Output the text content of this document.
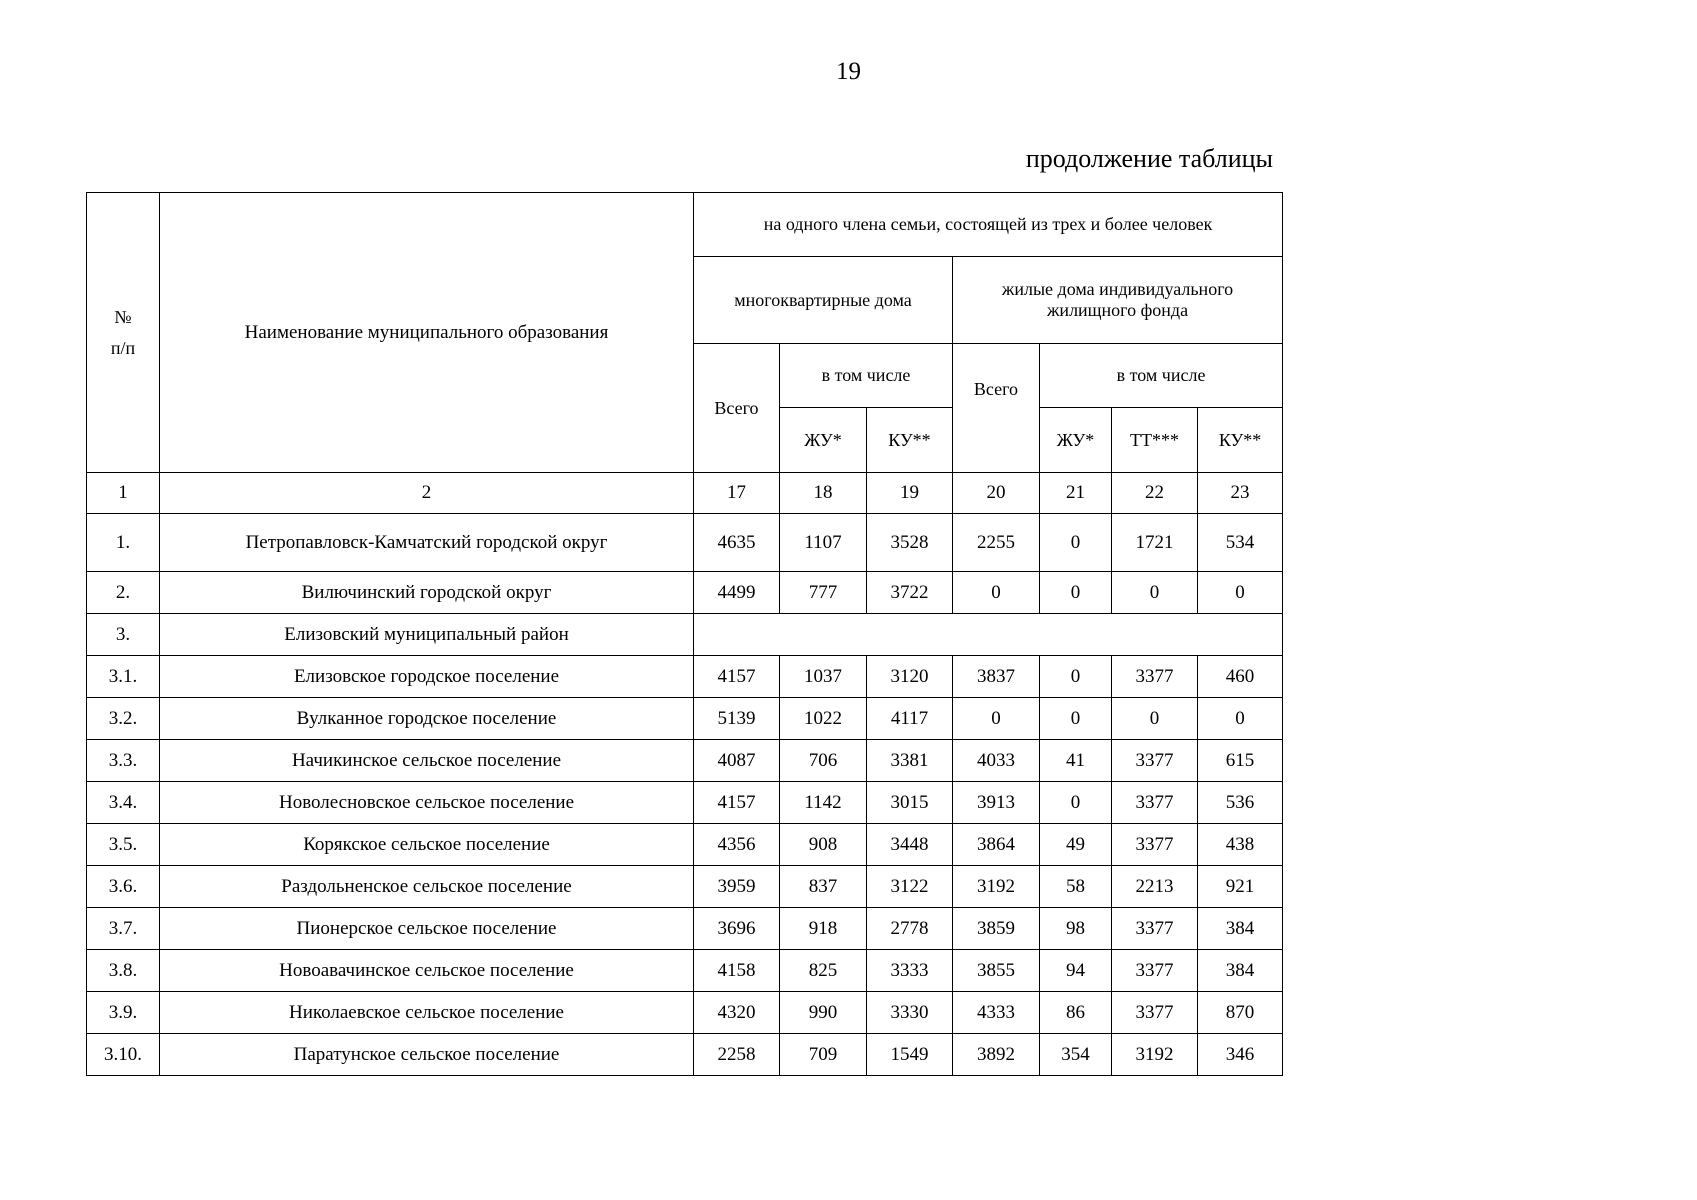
19
продолжение таблицы
№
п/п	Наименование муниципального образования	на одного члена семьи, состоящей из трех и более человек						
		многоквартирные дома			жилые дома индивидуального жилищного фонда			
		Всего	в том числе		Всего	в том числе		
			ЖУ*	КУ**		ЖУ*	ТТ***	КУ**
1	2	17	18	19	20	21	22	23
1.	Петропавловск-Камчатский городской округ	4635	1107	3528	2255	0	1721	534
2.	Вилючинский городской округ	4499	777	3722	0	0	0	0
3.	Елизовский муниципальный район							
3.1.	Елизовское городское поселение	4157	1037	3120	3837	0	3377	460
3.2.	Вулканное городское поселение	5139	1022	4117	0	0	0	0
3.3.	Начикинское сельское поселение	4087	706	3381	4033	41	3377	615
3.4.	Новолесновское сельское поселение	4157	1142	3015	3913	0	3377	536
3.5.	Корякское сельское поселение	4356	908	3448	3864	49	3377	438
3.6.	Раздольненское сельское поселение	3959	837	3122	3192	58	2213	921
3.7.	Пионерское сельское поселение	3696	918	2778	3859	98	3377	384
3.8.	Новоавачинское сельское поселение	4158	825	3333	3855	94	3377	384
3.9.	Николаевское сельское поселение	4320	990	3330	4333	86	3377	870
3.10.	Паратунское сельское поселение	2258	709	1549	3892	354	3192	346
